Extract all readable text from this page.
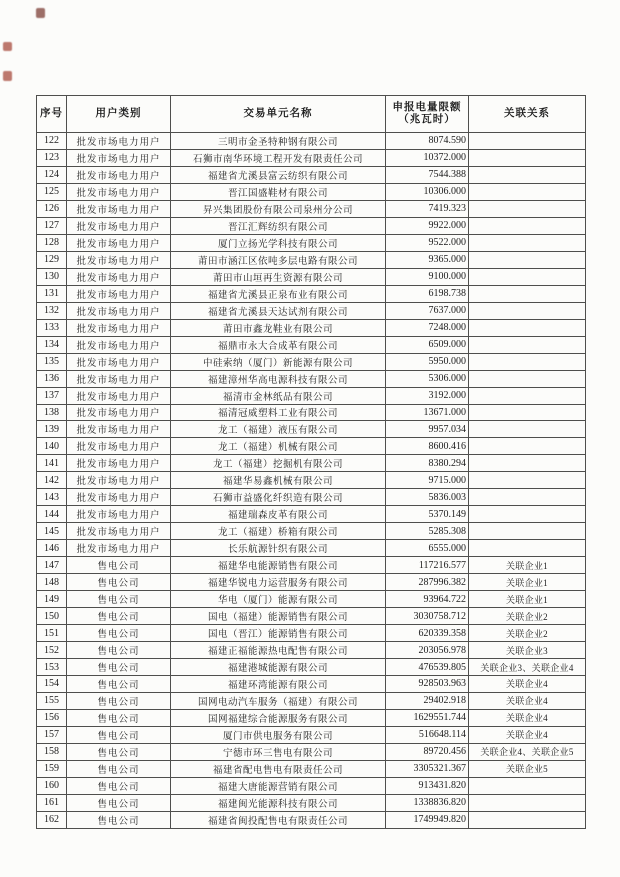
序号	用户类别	交易单元名称	申报电量限额
（兆瓦时）	关联关系
122	批发市场电力用户	三明市金圣特种钢有限公司	8074.590	
123	批发市场电力用户	石狮市南华环境工程开发有限责任公司	10372.000	
124	批发市场电力用户	福建省尤溪县富云纺织有限公司	7544.388	
125	批发市场电力用户	晋江国盛鞋材有限公司	10306.000	
126	批发市场电力用户	昇兴集团股份有限公司泉州分公司	7419.323	
127	批发市场电力用户	晋江汇辉纺织有限公司	9922.000	
128	批发市场电力用户	厦门立扬光学科技有限公司	9522.000	
129	批发市场电力用户	莆田市涵江区依吨多层电路有限公司	9365.000	
130	批发市场电力用户	莆田市山垣再生资源有限公司	9100.000	
131	批发市场电力用户	福建省尤溪县正泉布业有限公司	6198.738	
132	批发市场电力用户	福建省尤溪县天达试剂有限公司	7637.000	
133	批发市场电力用户	莆田市鑫龙鞋业有限公司	7248.000	
134	批发市场电力用户	福鼎市永大合成革有限公司	6509.000	
135	批发市场电力用户	中硅索纳（厦门）新能源有限公司	5950.000	
136	批发市场电力用户	福建漳州华高电源科技有限公司	5306.000	
137	批发市场电力用户	福清市金林纸品有限公司	3192.000	
138	批发市场电力用户	福清冠威塑料工业有限公司	13671.000	
139	批发市场电力用户	龙工（福建）液压有限公司	9957.034	
140	批发市场电力用户	龙工（福建）机械有限公司	8600.416	
141	批发市场电力用户	龙工（福建）挖掘机有限公司	8380.294	
142	批发市场电力用户	福建华易鑫机械有限公司	9715.000	
143	批发市场电力用户	石狮市益盛化纤织造有限公司	5836.003	
144	批发市场电力用户	福建瑞森皮革有限公司	5370.149	
145	批发市场电力用户	龙工（福建）桥箱有限公司	5285.308	
146	批发市场电力用户	长乐航源针织有限公司	6555.000	
147	售电公司	福建华电能源销售有限公司	117216.577	关联企业1
148	售电公司	福建华锐电力运营服务有限公司	287996.382	关联企业1
149	售电公司	华电（厦门）能源有限公司	93964.722	关联企业1
150	售电公司	国电（福建）能源销售有限公司	3030758.712	关联企业2
151	售电公司	国电（晋江）能源销售有限公司	620339.358	关联企业2
152	售电公司	福建正福能源热电配售有限公司	203056.978	关联企业3
153	售电公司	福建港城能源有限公司	476539.805	关联企业3、关联企业4
154	售电公司	福建环湾能源有限公司	928503.963	关联企业4
155	售电公司	国网电动汽车服务（福建）有限公司	29402.918	关联企业4
156	售电公司	国网福建综合能源服务有限公司	1629551.744	关联企业4
157	售电公司	厦门市供电服务有限公司	516648.114	关联企业4
158	售电公司	宁德市环三售电有限公司	89720.456	关联企业4、关联企业5
159	售电公司	福建省配电售电有限责任公司	3305321.367	关联企业5
160	售电公司	福建大唐能源营销有限公司	913431.820	
161	售电公司	福建闽光能源科技有限公司	1338836.820	
162	售电公司	福建省闽投配售电有限责任公司	1749949.820	
